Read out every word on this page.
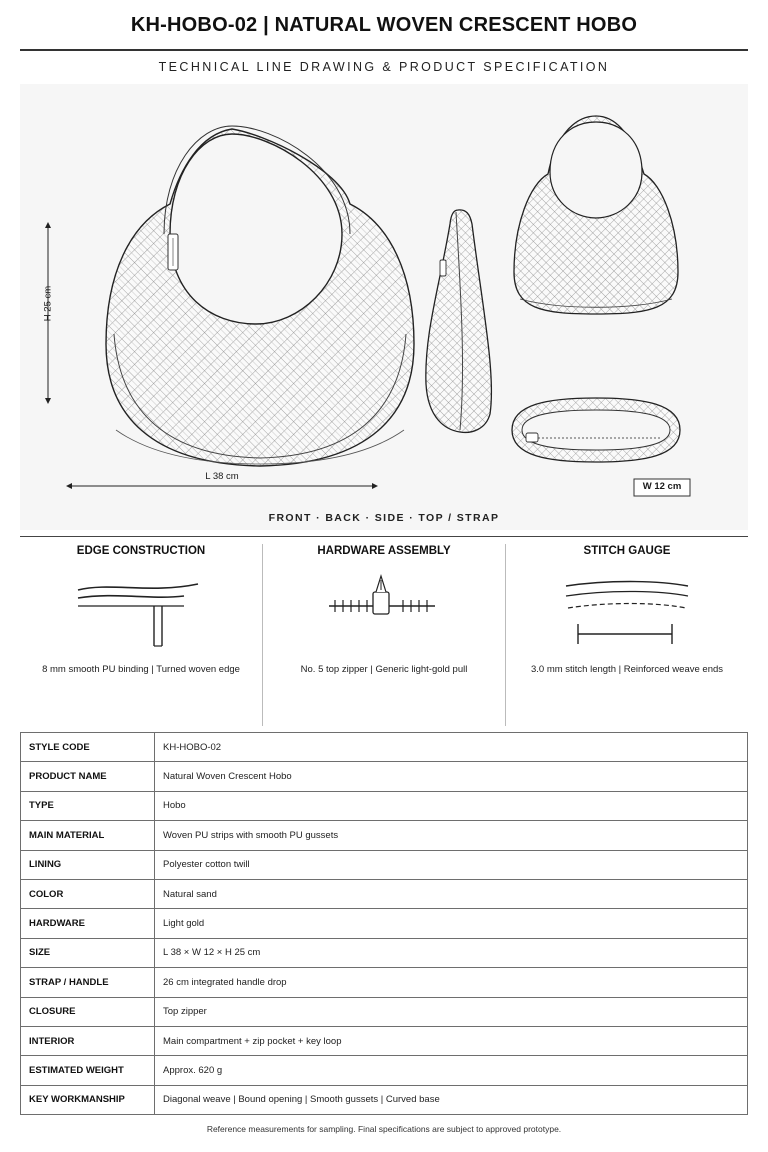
KH-HOBO-02 | NATURAL WOVEN CRESCENT HOBO
TECHNICAL LINE DRAWING & PRODUCT SPECIFICATION
H 25 cm
L 38 cm
W 12 cm
FRONT · BACK · SIDE · TOP / STRAP
EDGE CONSTRUCTION
8 mm smooth PU binding | Turned woven edge
HARDWARE ASSEMBLY
No. 5 top zipper | Generic light-gold pull
STITCH GAUGE
3.0 mm stitch length | Reinforced weave ends
STYLE CODE	KH-HOBO-02
PRODUCT NAME	Natural Woven Crescent Hobo
TYPE	Hobo
MAIN MATERIAL	Woven PU strips with smooth PU gussets
LINING	Polyester cotton twill
COLOR	Natural sand
HARDWARE	Light gold
SIZE	L 38 × W 12 × H 25 cm
STRAP / HANDLE	26 cm integrated handle drop
CLOSURE	Top zipper
INTERIOR	Main compartment + zip pocket + key loop
ESTIMATED WEIGHT	Approx. 620 g
KEY WORKMANSHIP	Diagonal weave | Bound opening | Smooth gussets | Curved base
Reference measurements for sampling. Final specifications are subject to approved prototype.
